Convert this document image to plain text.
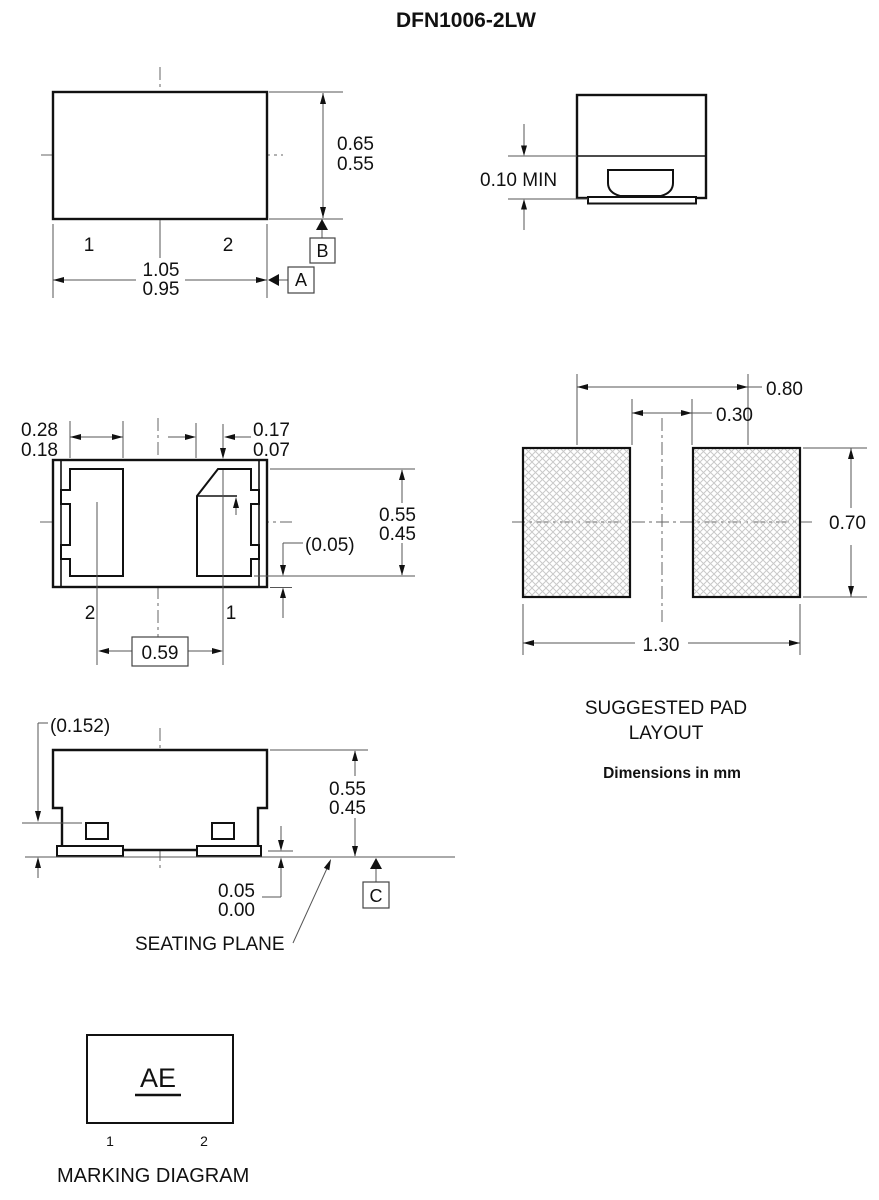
DFN1006-2LW
0.65
0.55
B
1.05
0.95
1	2
A
0.10 MIN
0.28
0.18
0.17
0.07
(0.05)
0.55
0.45
0.59
2	1
0.80
0.30
0.70
1.30
SUGGESTED PAD
LAYOUT
Dimensions in mm
(0.152)
0.55
0.45
0.05
0.00
C
SEATING PLANE
AE
1	2
MARKING DIAGRAM
